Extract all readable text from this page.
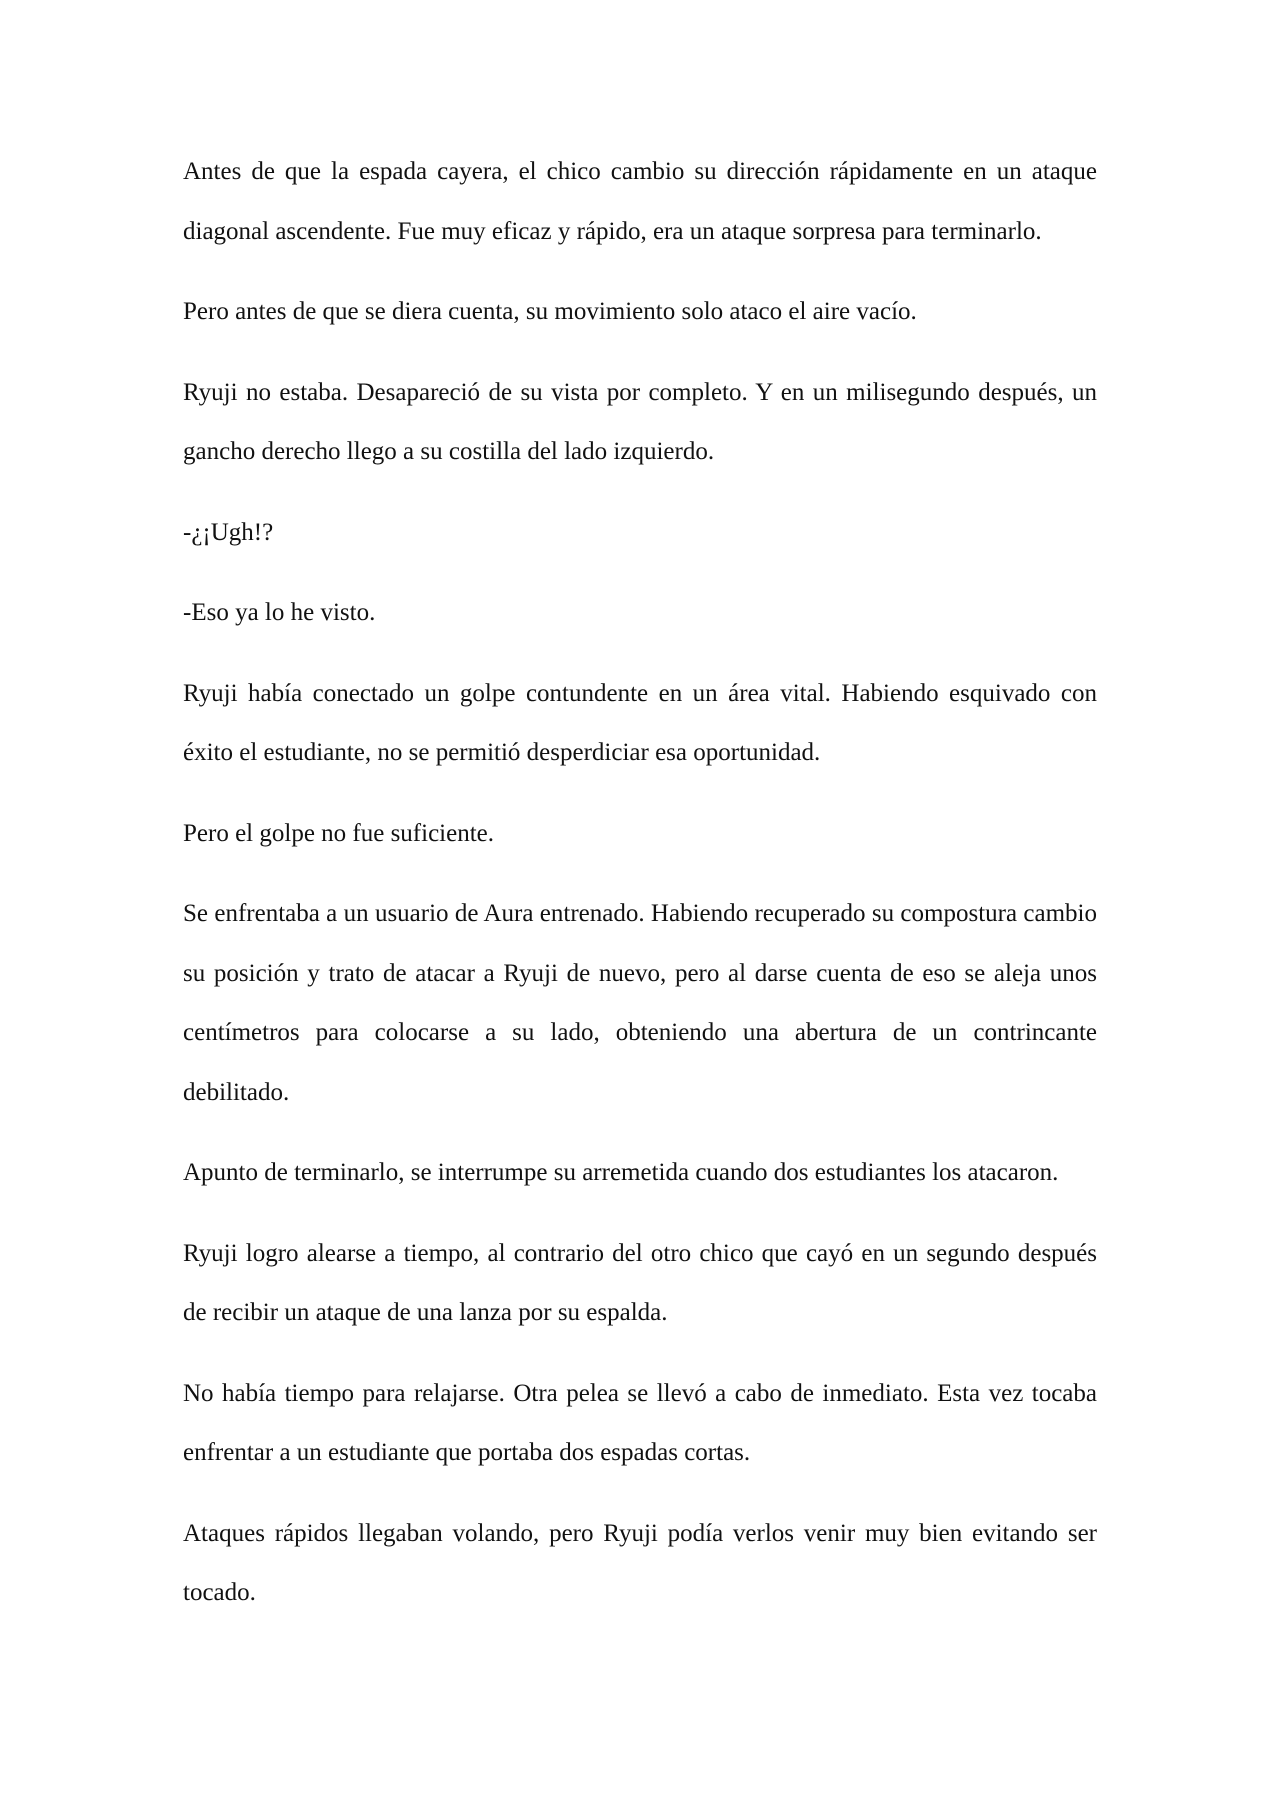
Antes de que la espada cayera, el chico cambio su dirección rápidamente en un ataque diagonal ascendente. Fue muy eficaz y rápido, era un ataque sorpresa para terminarlo.

Pero antes de que se diera cuenta, su movimiento solo ataco el aire vacío.

Ryuji no estaba. Desapareció de su vista por completo. Y en un milisegundo después, un gancho derecho llego a su costilla del lado izquierdo.

-¿¡Ugh!?

-Eso ya lo he visto.

Ryuji había conectado un golpe contundente en un área vital. Habiendo esquivado con éxito el estudiante, no se permitió desperdiciar esa oportunidad.

Pero el golpe no fue suficiente.

Se enfrentaba a un usuario de Aura entrenado. Habiendo recuperado su compostura cambio su posición y trato de atacar a Ryuji de nuevo, pero al darse cuenta de eso se aleja unos centímetros para colocarse a su lado, obteniendo una abertura de un contrincante debilitado.

Apunto de terminarlo, se interrumpe su arremetida cuando dos estudiantes los atacaron.

Ryuji logro alearse a tiempo, al contrario del otro chico que cayó en un segundo después de recibir un ataque de una lanza por su espalda.

No había tiempo para relajarse. Otra pelea se llevó a cabo de inmediato. Esta vez tocaba enfrentar a un estudiante que portaba dos espadas cortas.

Ataques rápidos llegaban volando, pero Ryuji podía verlos venir muy bien evitando ser tocado.
